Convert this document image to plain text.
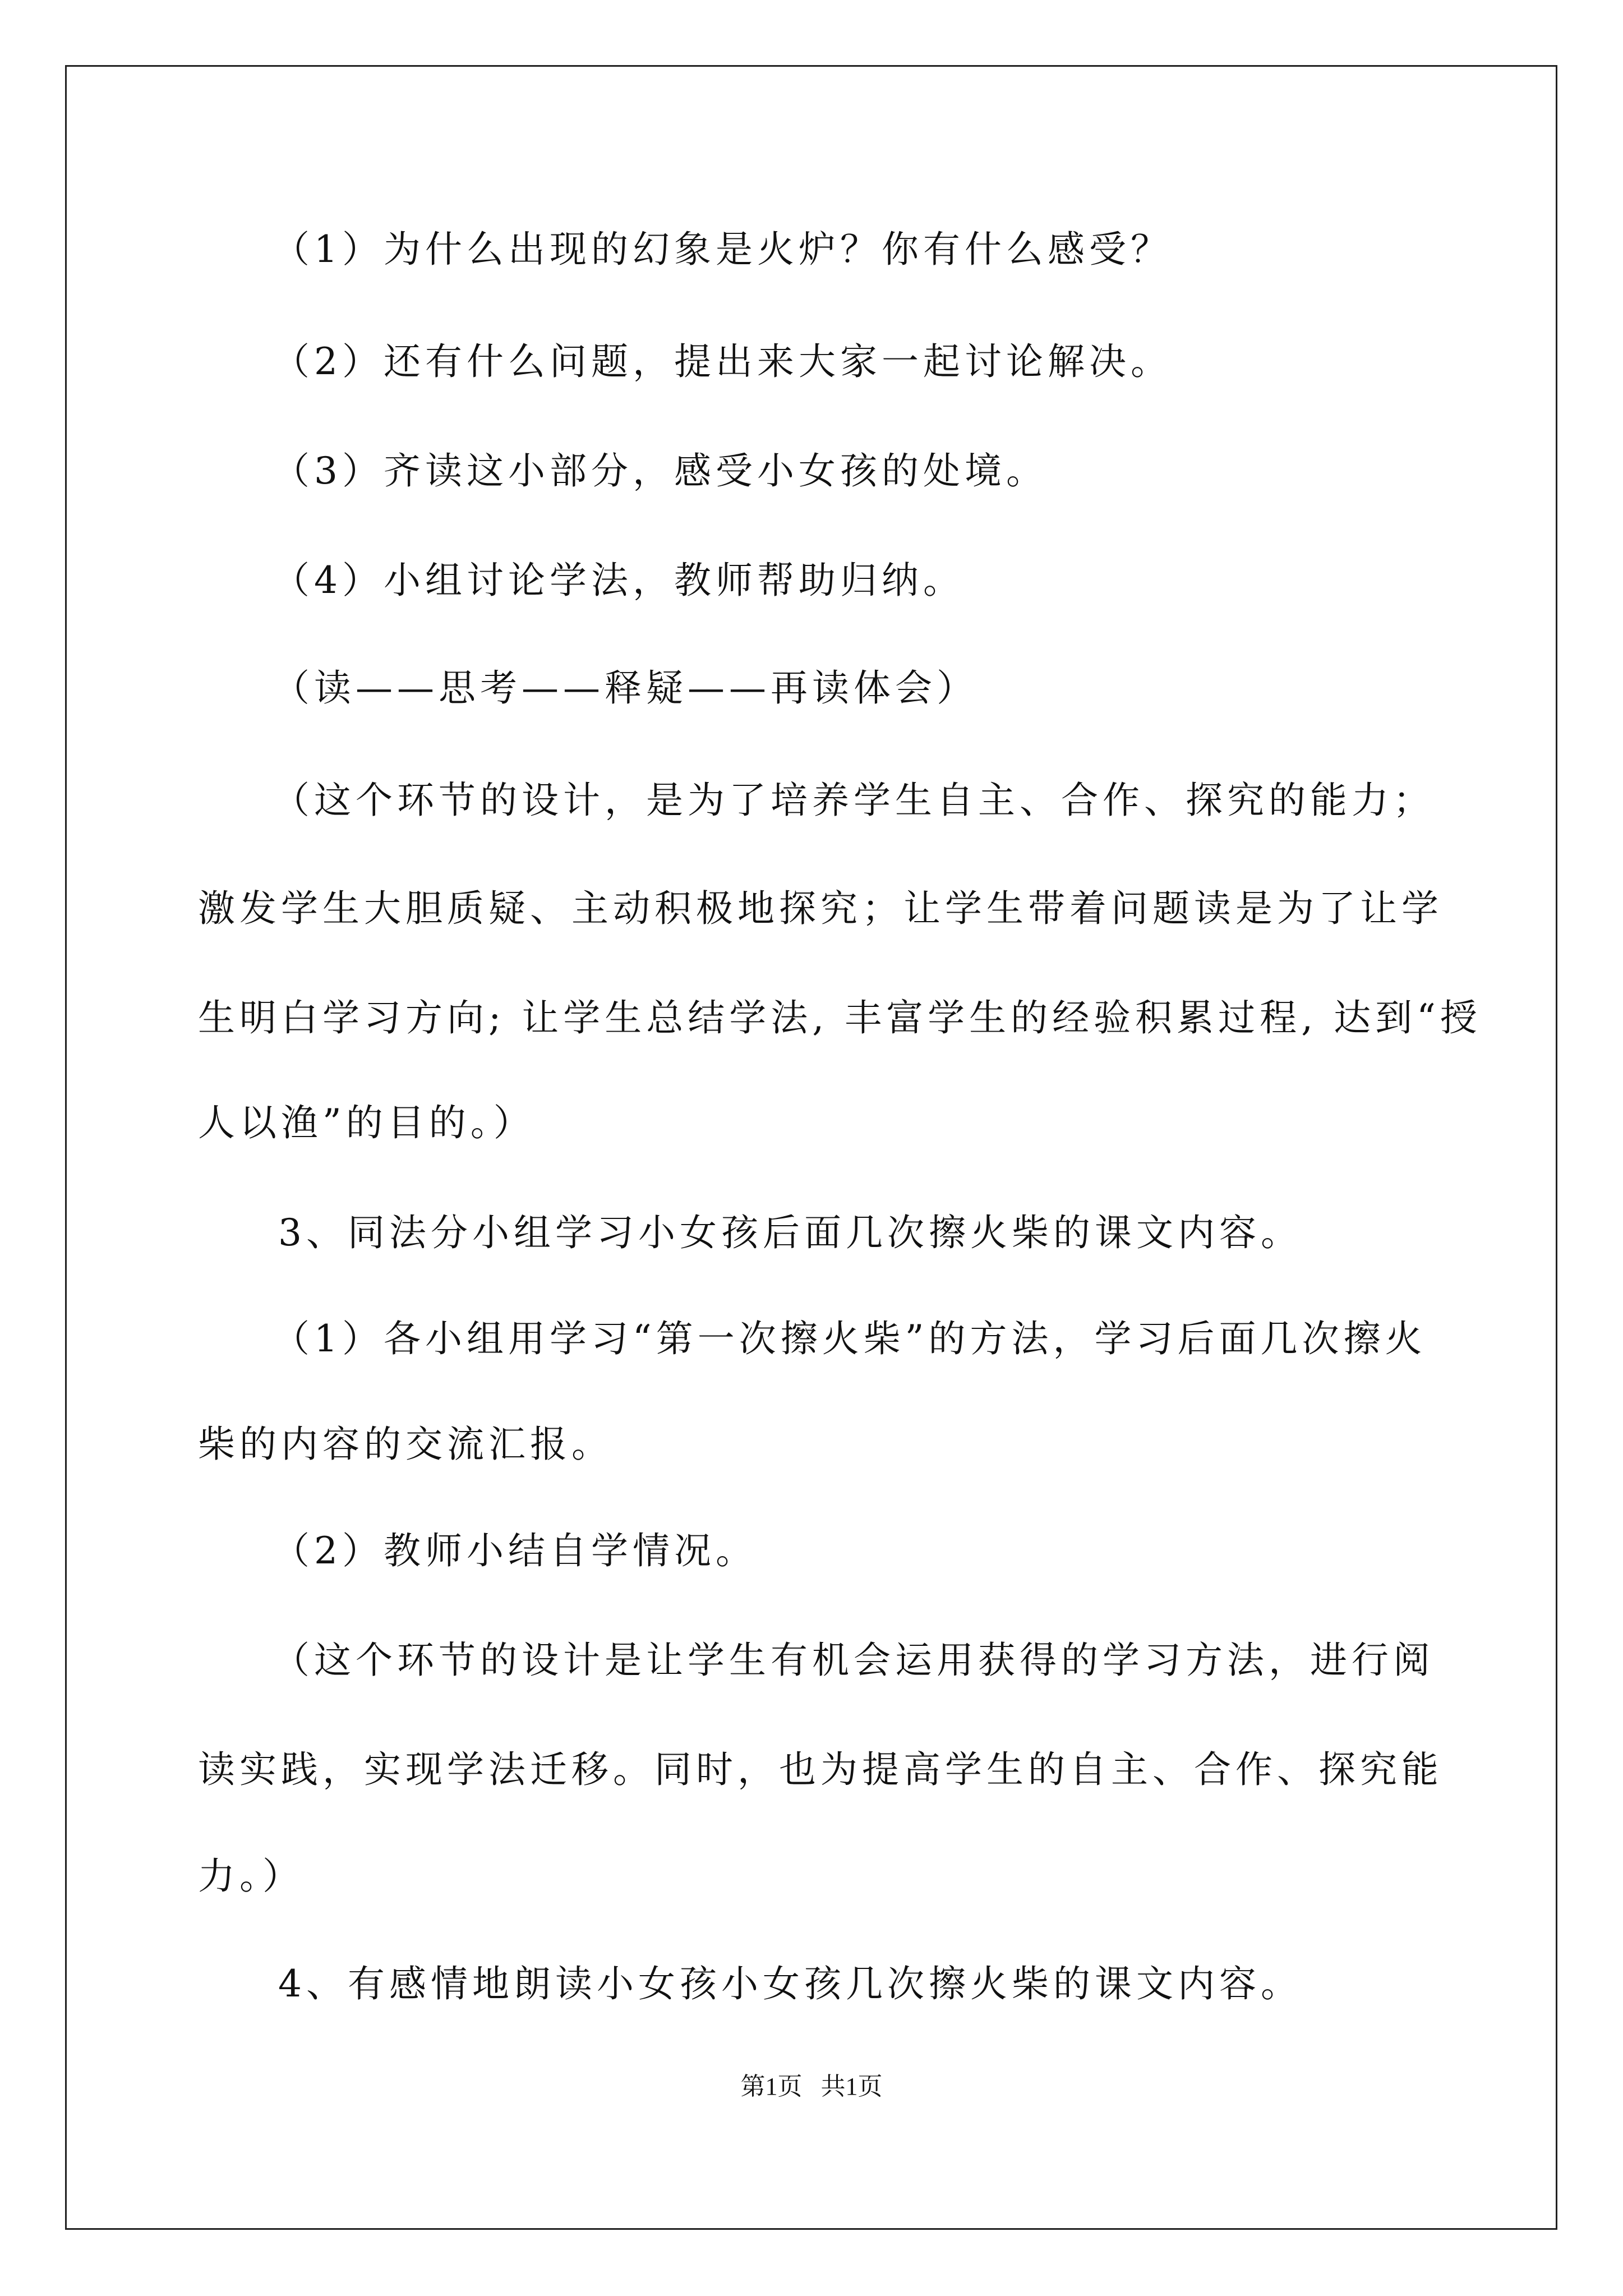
（1）为什么出现的幻象是火炉？你有什么感受？
（2）还有什么问题，提出来大家一起讨论解决。
（3）齐读这小部分，感受小女孩的处境。
（4）小组讨论学法，教师帮助归纳。
（读——思考——释疑——再读体会）
（这个环节的设计，是为了培养学生自主、合作、探究的能力；
激发学生大胆质疑、主动积极地探究；让学生带着问题读是为了让学
生明白学习方向; 让学生总结学法, 丰富学生的经验积累过程, 达到“授
人以渔”的目的。）
3、同法分小组学习小女孩后面几次擦火柴的课文内容。
（1）各小组用学习“第一次擦火柴”的方法，学习后面几次擦火
柴的内容的交流汇报。
（2）教师小结自学情况。
（这个环节的设计是让学生有机会运用获得的学习方法，进行阅
读实践，实现学法迁移。同时，也为提高学生的自主、合作、探究能
力。）
4、有感情地朗读小女孩小女孩几次擦火柴的课文内容。
第1页   共1页
